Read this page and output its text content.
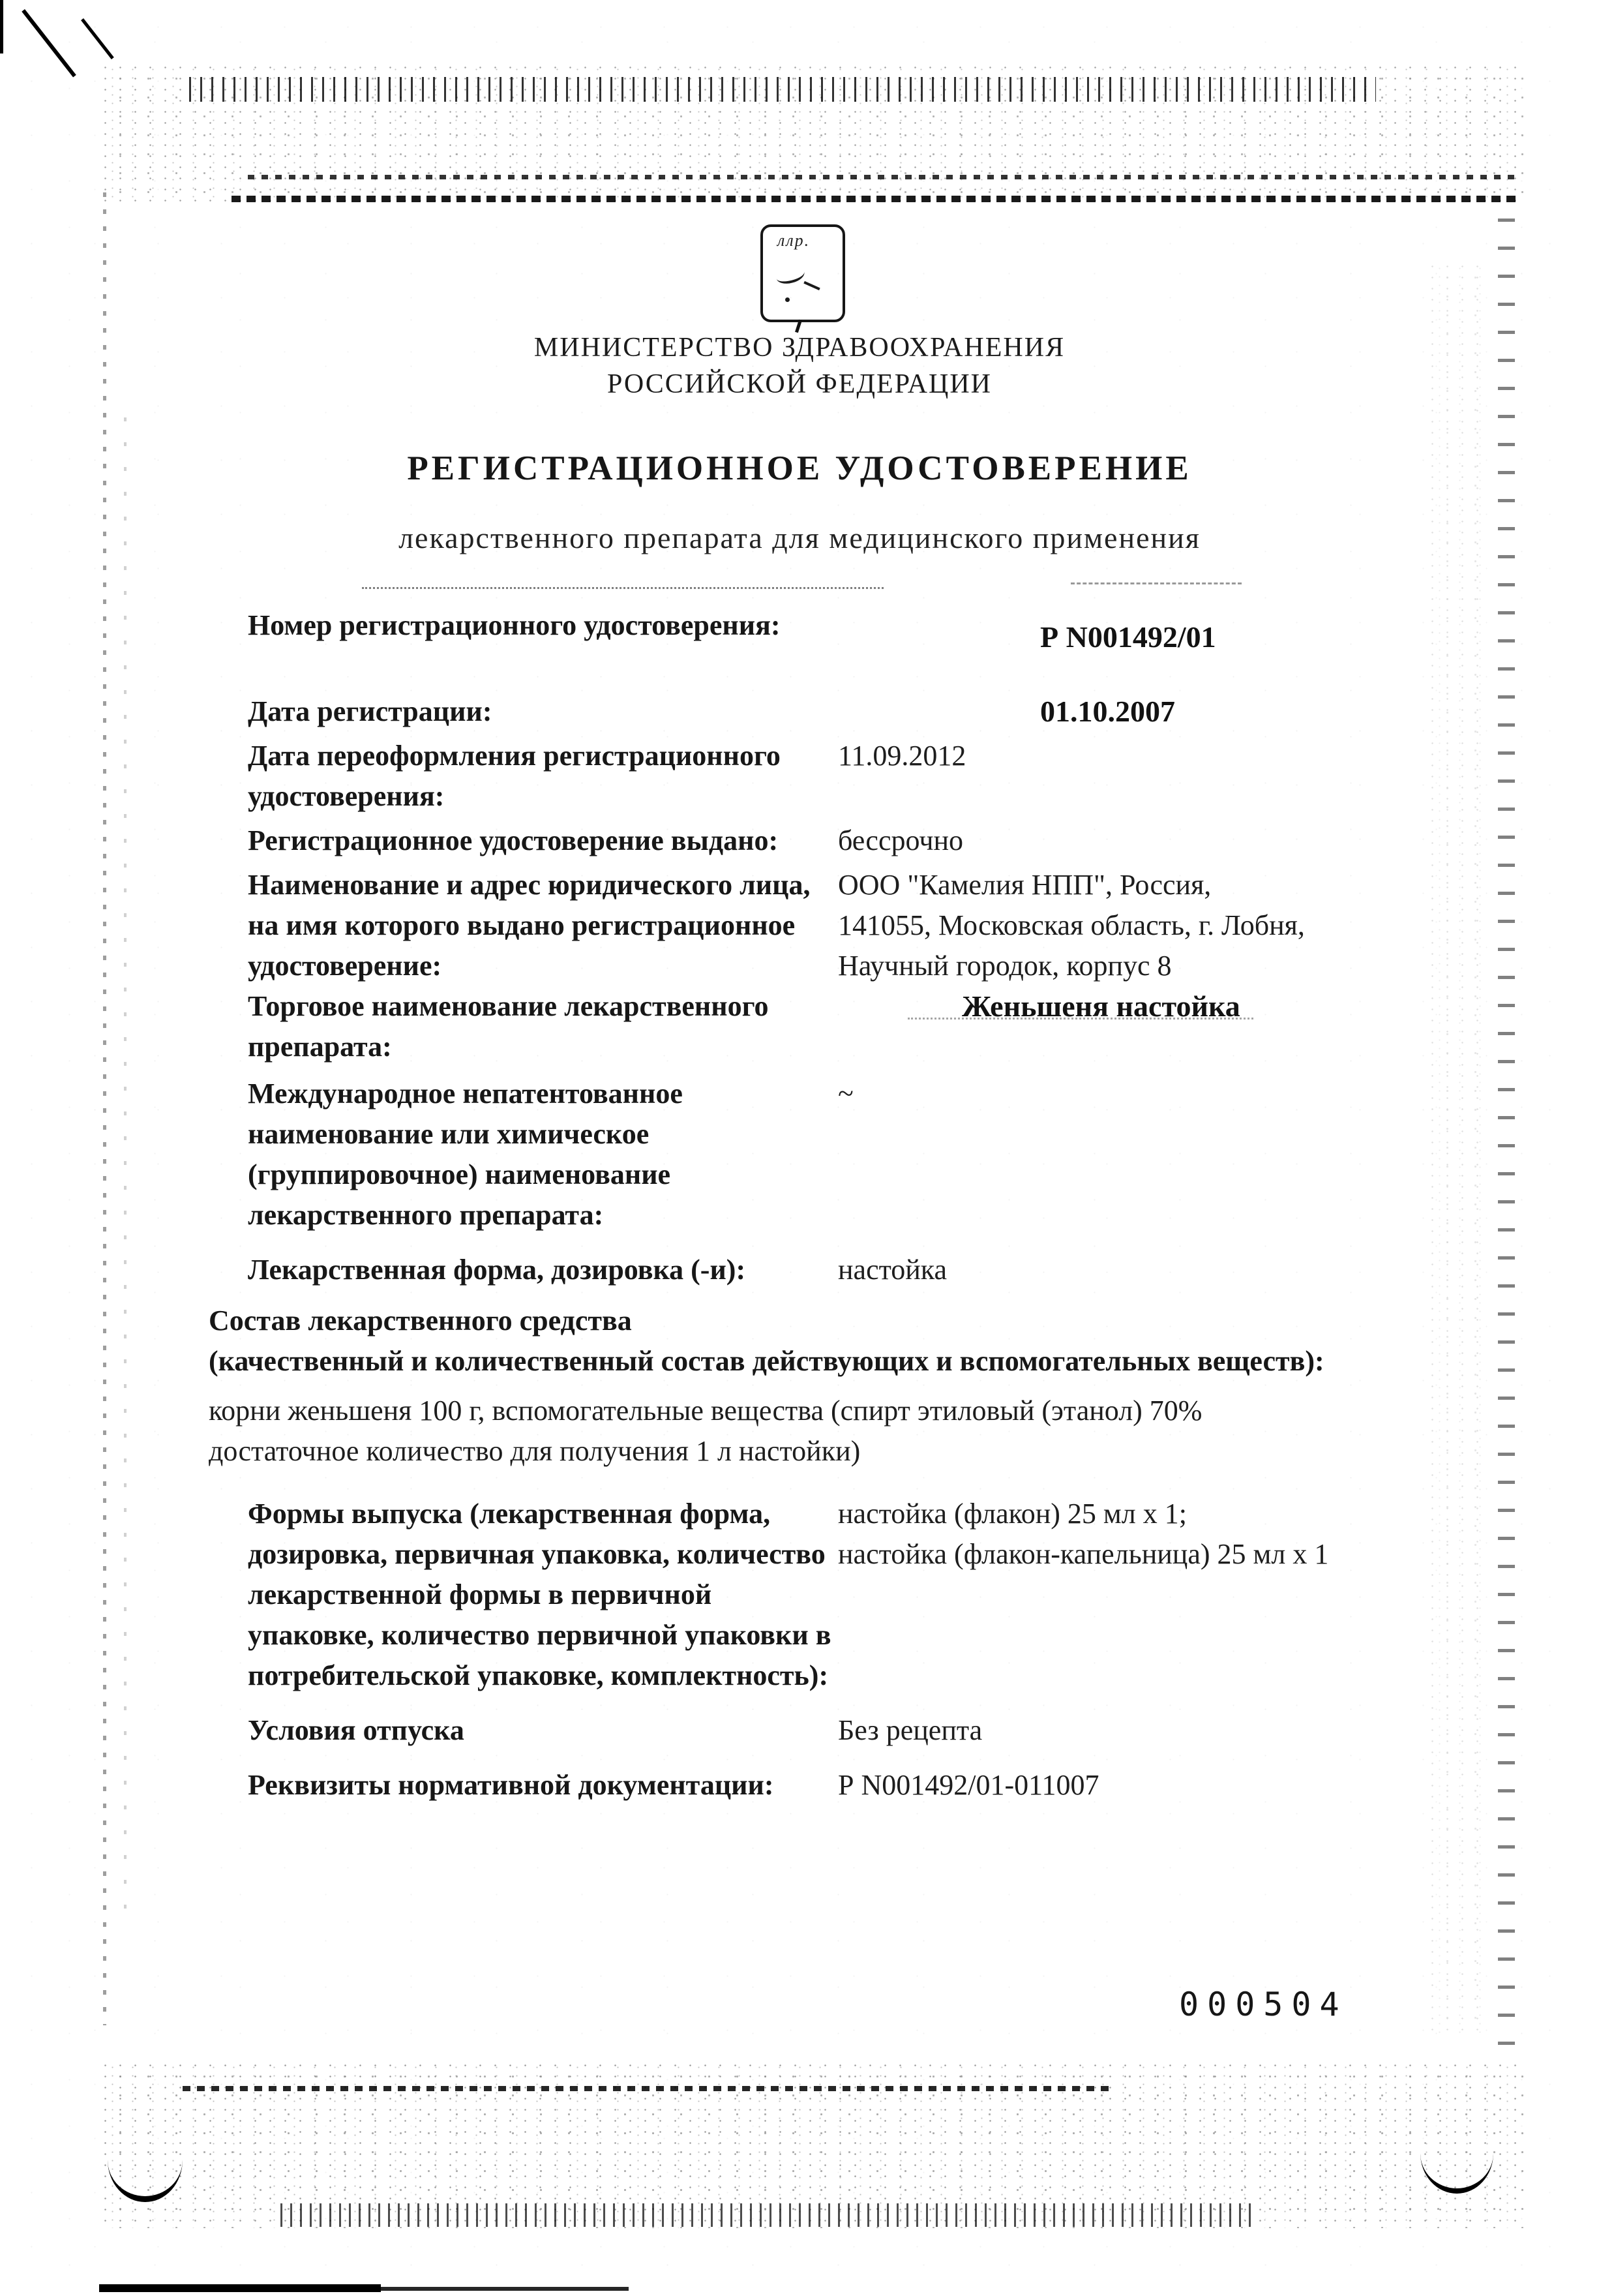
ллр.
МИНИСТЕРСТВО ЗДРАВООХРАНЕНИЯ
РОССИЙСКОЙ ФЕДЕРАЦИИ
РЕГИСТРАЦИОННОЕ УДОСТОВЕРЕНИЕ
лекарственного препарата для медицинского применения
Номер регистрационного удостоверения:	Р N001492/01
Дата регистрации:	01.10.2007
Дата переоформления регистрационного удостоверения:
11.09.2012
Регистрационное удостоверение выдано:	бессрочно
Наименование и адрес юридического лица, на имя которого выдано регистрационное удостоверение:
ООО "Камелия НПП", Россия,
141055, Московская область, г. Лобня,
Научный городок, корпус 8
Торговое наименование лекарственного препарата:
Женьшеня настойка
Международное непатентованное наименование или химическое (группировочное) наименование лекарственного препарата:
~
Лекарственная форма, дозировка (-и):	настойка
Состав лекарственного средства
(качественный и количественный состав действующих и вспомогательных веществ):
корни женьшеня 100 г, вспомогательные вещества (спирт этиловый (этанол) 70%
достаточное количество для получения 1 л настойки)
Формы выпуска (лекарственная форма, дозировка, первичная упаковка, количество лекарственной формы в первичной упаковке, количество первичной упаковки в потребительской упаковке, комплектность):
настойка (флакон) 25 мл х 1;
настойка (флакон-капельница) 25 мл х 1
Условия отпуска	Без рецепта
Реквизиты нормативной документации:	Р N001492/01-011007
000504
